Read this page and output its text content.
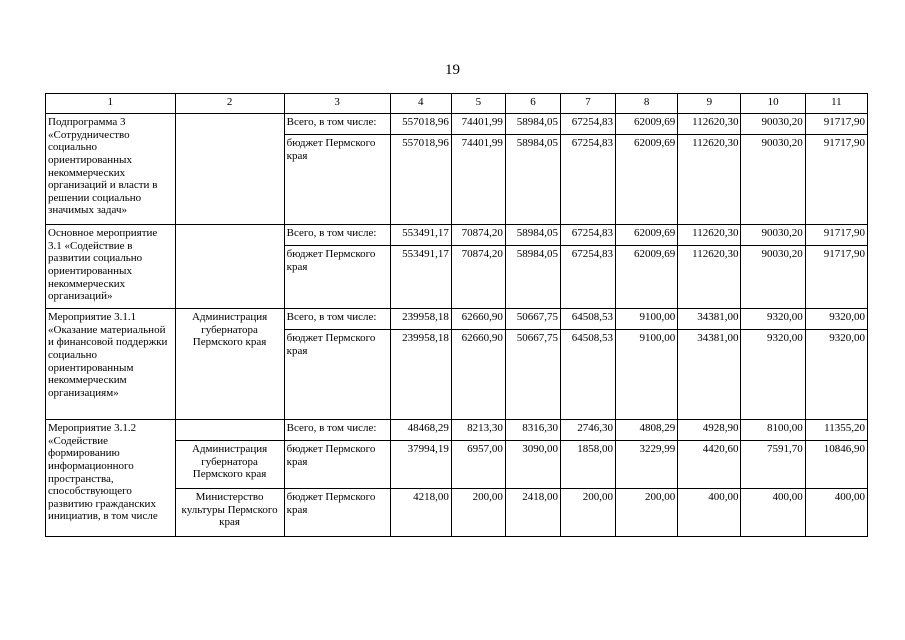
19
1	2	3	4	5	6	7	8	9	10	11
Подпрограмма 3 «Сотрудничество социально ориентированных некоммерческих организаций и власти в решении социально значимых задач»		Всего, в том числе:	557018,96	74401,99	58984,05	67254,83	62009,69	112620,30	90030,20	91717,90
		бюджет Пермского края	557018,96	74401,99	58984,05	67254,83	62009,69	112620,30	90030,20	91717,90
Основное мероприятие 3.1 «Содействие в развитии социально ориентированных некоммерческих организаций»		Всего, в том числе:	553491,17	70874,20	58984,05	67254,83	62009,69	112620,30	90030,20	91717,90
		бюджет Пермского края	553491,17	70874,20	58984,05	67254,83	62009,69	112620,30	90030,20	91717,90
Мероприятие 3.1.1 «Оказание материальной и финансовой поддержки социально ориентированным некоммерческим организациям»	Администрация губернатора Пермского края	Всего, в том числе:	239958,18	62660,90	50667,75	64508,53	9100,00	34381,00	9320,00	9320,00
		бюджет Пермского края	239958,18	62660,90	50667,75	64508,53	9100,00	34381,00	9320,00	9320,00
Мероприятие 3.1.2 «Содействие формированию информационного пространства, способствующего развитию гражданских инициатив, в том числе		Всего, в том числе:	48468,29	8213,30	8316,30	2746,30	4808,29	4928,90	8100,00	11355,20
	Администрация губернатора Пермского края	бюджет Пермского края	37994,19	6957,00	3090,00	1858,00	3229,99	4420,60	7591,70	10846,90
	Министерство культуры Пермского края	бюджет Пермского края	4218,00	200,00	2418,00	200,00	200,00	400,00	400,00	400,00
